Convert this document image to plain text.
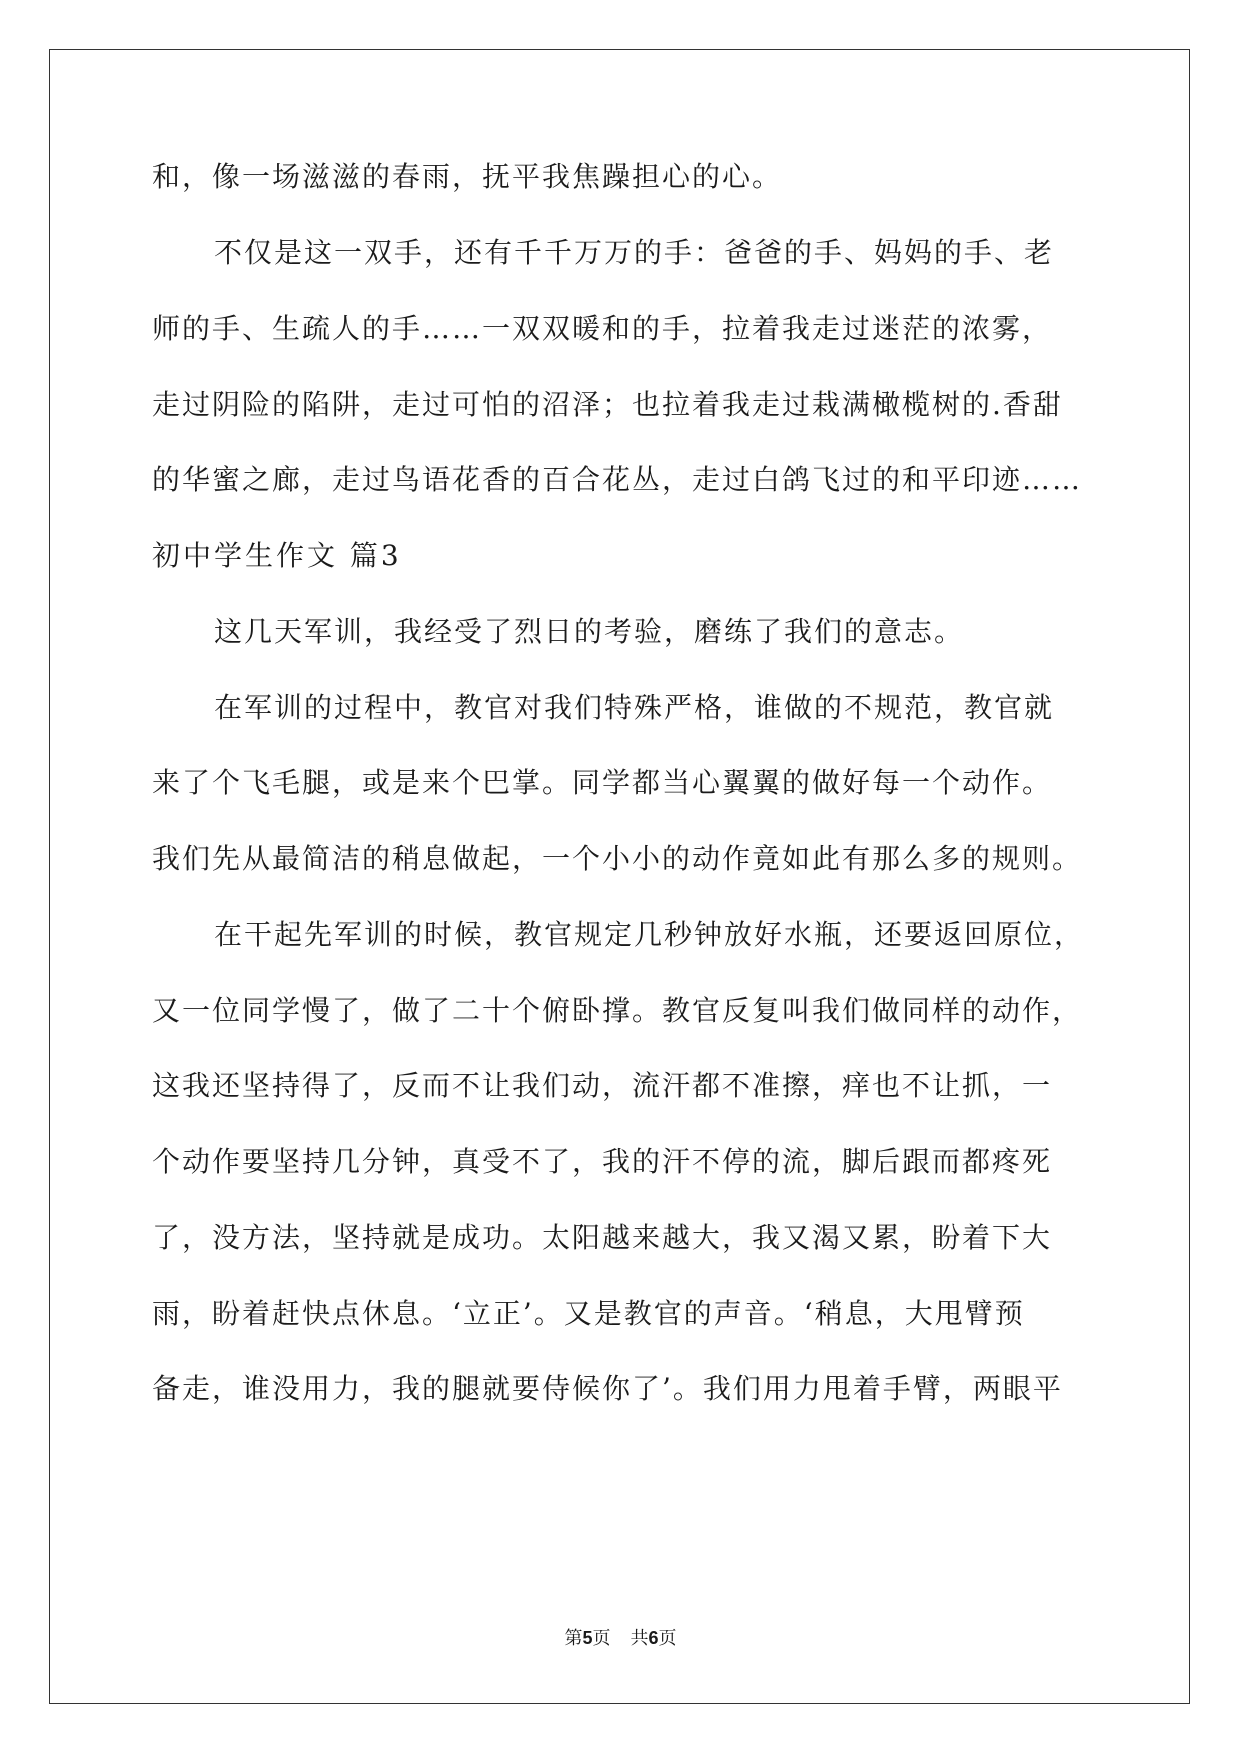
和，像一场滋滋的春雨，抚平我焦躁担心的心。
不仅是这一双手，还有千千万万的手：爸爸的手、妈妈的手、老
师的手、生疏人的手……一双双暖和的手，拉着我走过迷茫的浓雾，
走过阴险的陷阱，走过可怕的沼泽；也拉着我走过栽满橄榄树的.香甜
的华蜜之廊，走过鸟语花香的百合花丛，走过白鸽飞过的和平印迹……
初中学生作文 篇3
这几天军训，我经受了烈日的考验，磨练了我们的意志。
在军训的过程中，教官对我们特殊严格，谁做的不规范，教官就
来了个飞毛腿，或是来个巴掌。同学都当心翼翼的做好每一个动作。
我们先从最简洁的稍息做起，一个小小的动作竟如此有那么多的规则。
在干起先军训的时候，教官规定几秒钟放好水瓶，还要返回原位，
又一位同学慢了，做了二十个俯卧撑。教官反复叫我们做同样的动作，
这我还坚持得了，反而不让我们动，流汗都不准擦，痒也不让抓，一
个动作要坚持几分钟，真受不了，我的汗不停的流，脚后跟而都疼死
了，没方法，坚持就是成功。太阳越来越大，我又渴又累，盼着下大
雨，盼着赶快点休息。‘立正’。又是教官的声音。‘稍息，大甩臂预
备走，谁没用力，我的腿就要侍候你了’。我们用力甩着手臂，两眼平
第5页 共6页
